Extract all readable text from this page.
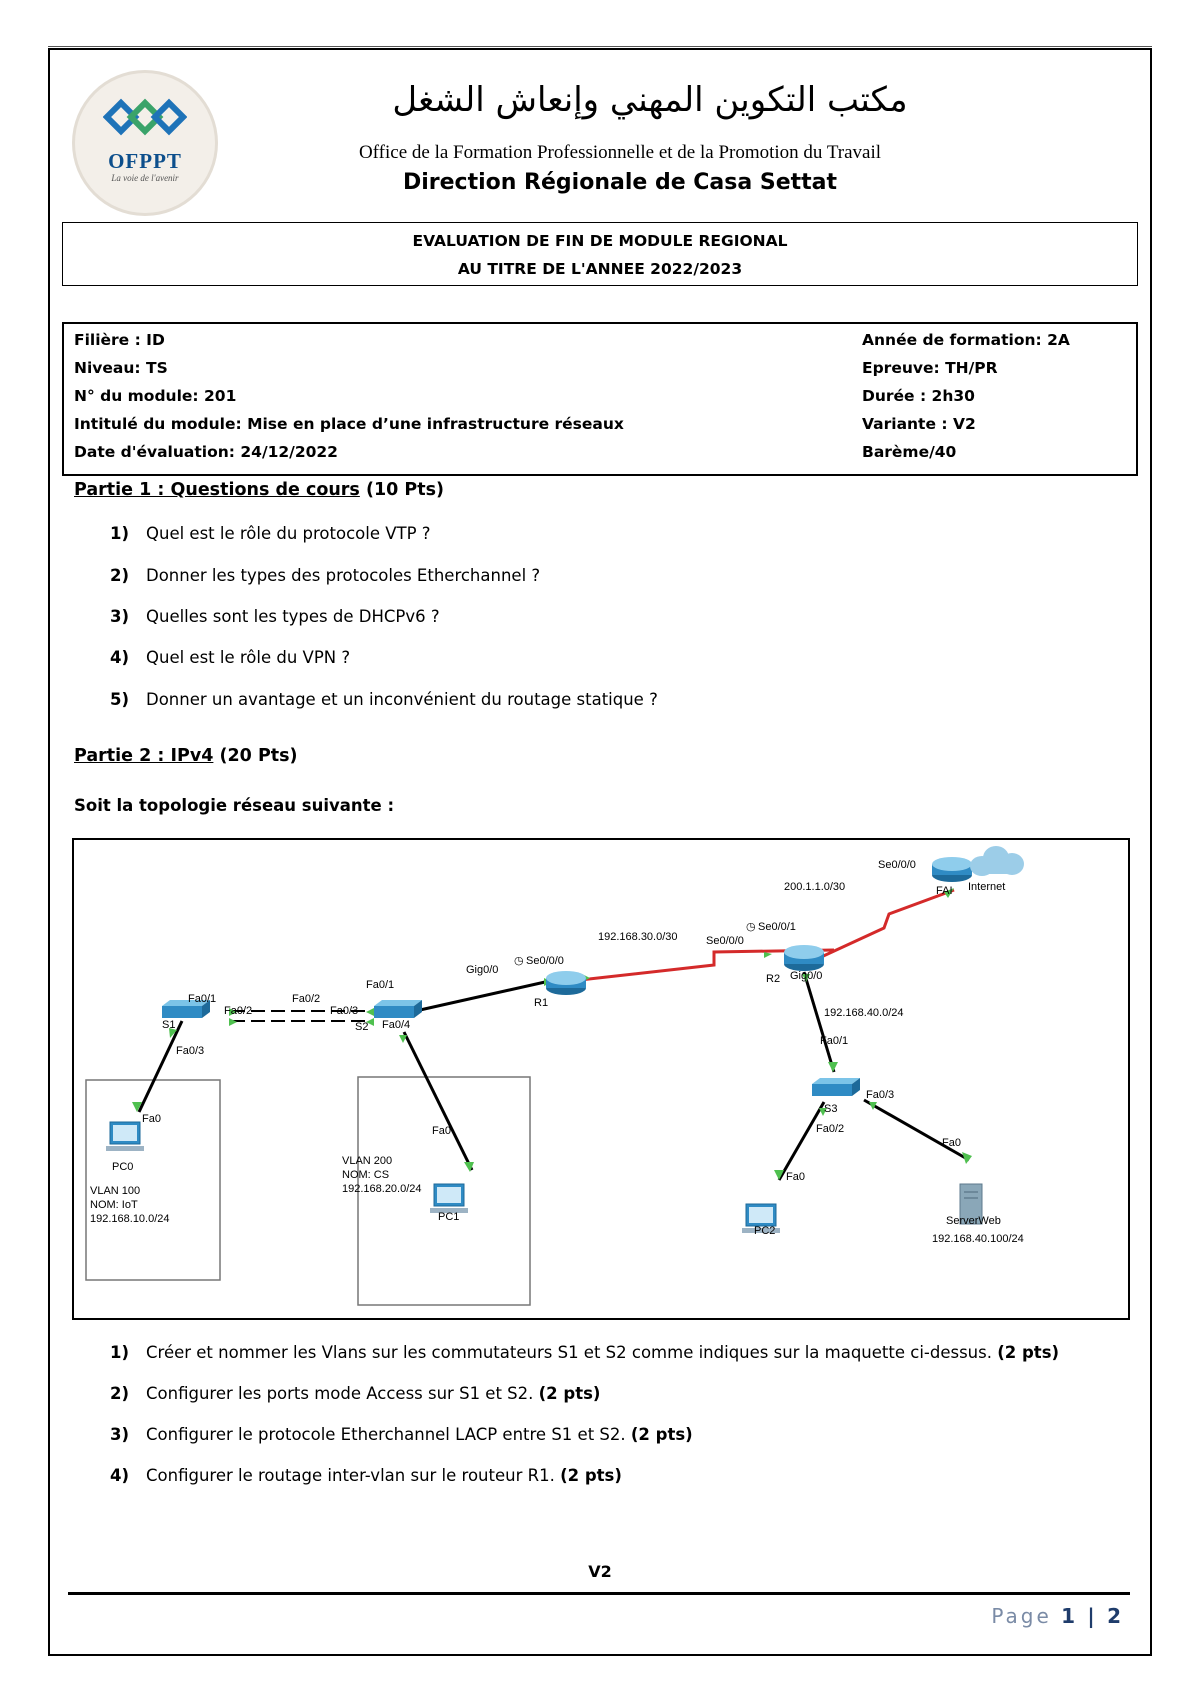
OFPPT
La voie de l'avenir
مكتب التكوين المهني وإنعاش الشغل
Office de la Formation Professionnelle et de la Promotion du Travail
Direction Régionale de Casa Settat
EVALUATION DE FIN DE MODULE REGIONAL
AU TITRE DE L'ANNEE 2022/2023
Filière : ID
Niveau: TS
N° du module: 201
Intitulé du module: Mise en place d’une infrastructure réseaux
Date d'évaluation: 24/12/2022
Année de formation: 2A
Epreuve: TH/PR
Durée : 2h30
Variante : V2
Barème/40
Partie 1 : Questions de cours (10 Pts)
1) Quel est le rôle du protocole VTP ?
2) Donner les types des protocoles Etherchannel ?
3) Quelles sont les types de DHCPv6 ?
4) Quel est le rôle du VPN ?
5) Donner un avantage et un inconvénient du routage statique ?
Partie 2 : IPv4 (20 Pts)
Soit la topologie réseau suivante :
S1
Fa0/3
Fa0/1
Fa0/2
Fa0/2
Fa0/3
Fa0/1
S2 Fa0/4
Fa0
PC0
VLAN 100
NOM: IoT
192.168.10.0/24
Fa0
VLAN 200
NOM: CS
192.168.20.0/24
PC1
Gig0/0
◷ Se0/0/0
R1
192.168.30.0/30	Se0/0/0
◷ Se0/0/1
R2 Gig0/0
200.1.1.0/30
Se0/0/0
FAI Internet
192.168.40.0/24
Fa0/1
S3
Fa0/2
Fa0/3
Fa0
PC2
Fa0
ServerWeb
192.168.40.100/24
1) Créer et nommer les Vlans sur les commutateurs S1 et S2 comme indiques sur la maquette ci-dessus. (2 pts)
2) Configurer les ports mode Access sur S1 et S2. (2 pts)
3) Configurer le protocole Etherchannel LACP entre S1 et S2. (2 pts)
4) Configurer le routage inter-vlan sur le routeur R1. (2 pts)
V2
Page 1 | 2
